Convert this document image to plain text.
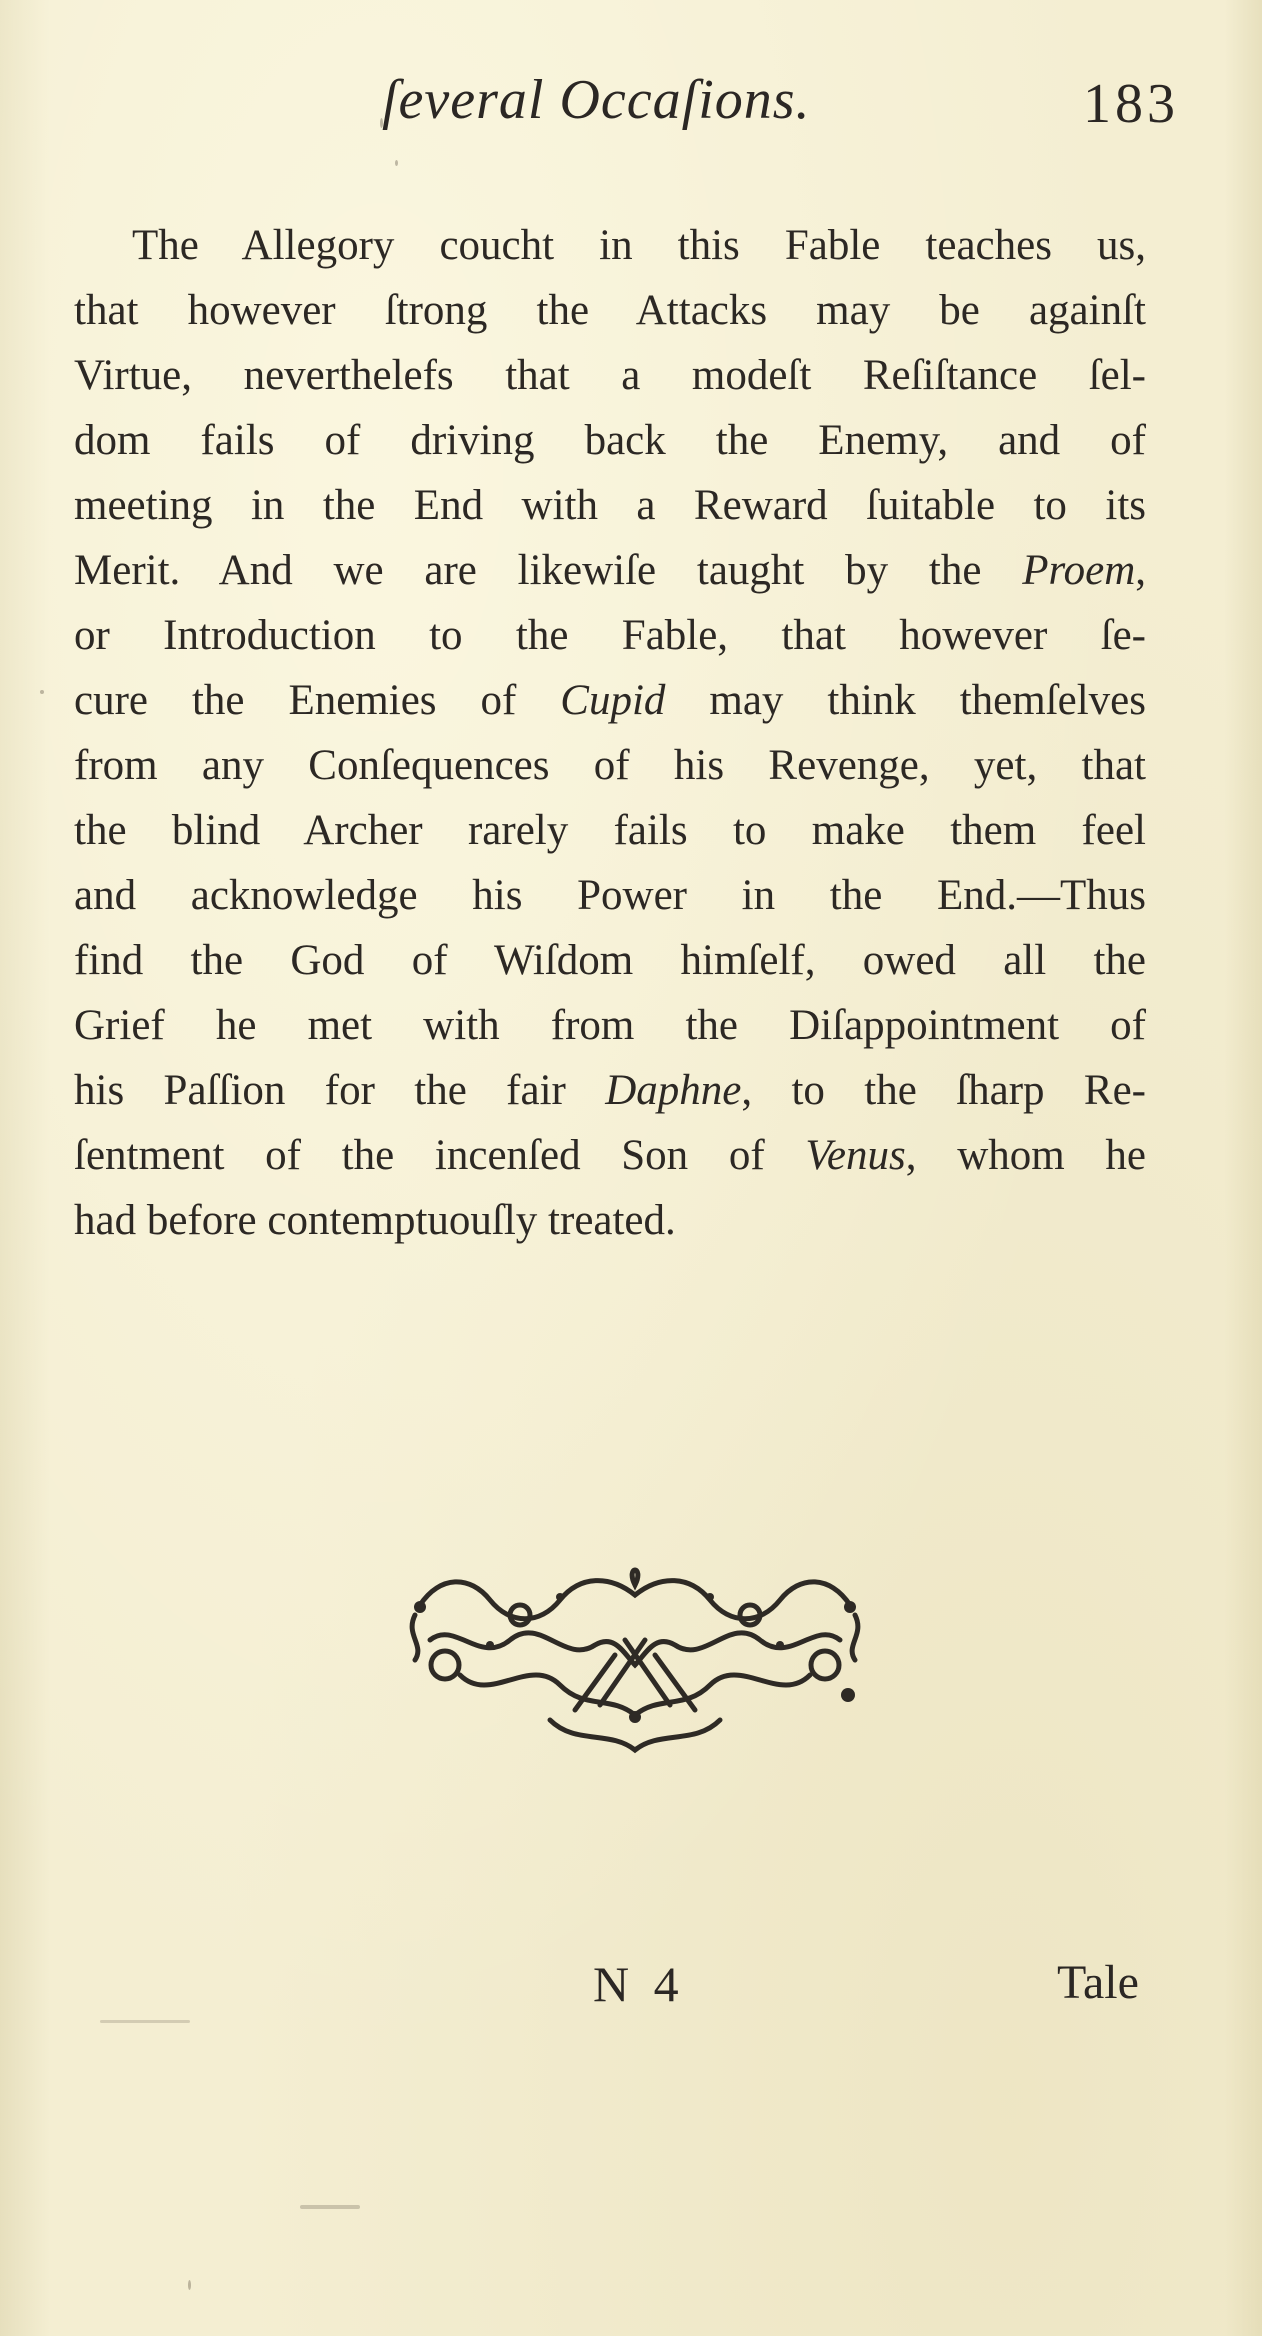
ſeveral Occaſions.	183
The Allegory coucht in this Fable teaches us,
that however ſtrong the Attacks may be againſt
Virtue, neverthelefs that a modeſt Reſiſtance ſel-
dom fails of driving back the Enemy, and of
meeting in the End with a Reward ſuitable to its
Merit. And we are likewiſe taught by the Proem,
or Introduction to the Fable, that however ſe-
cure the Enemies of Cupid may think themſelves
from any Conſequences of his Revenge, yet, that
the blind Archer rarely fails to make them feel
and acknowledge his Power in the End.—Thus
find the God of Wiſdom himſelf, owed all the
Grief he met with from the Diſappointment of
his Paſſion for the fair Daphne, to the ſharp Re-
ſentment of the incenſed Son of Venus, whom he
had before contemptuouſly treated.
N 4	Tale
